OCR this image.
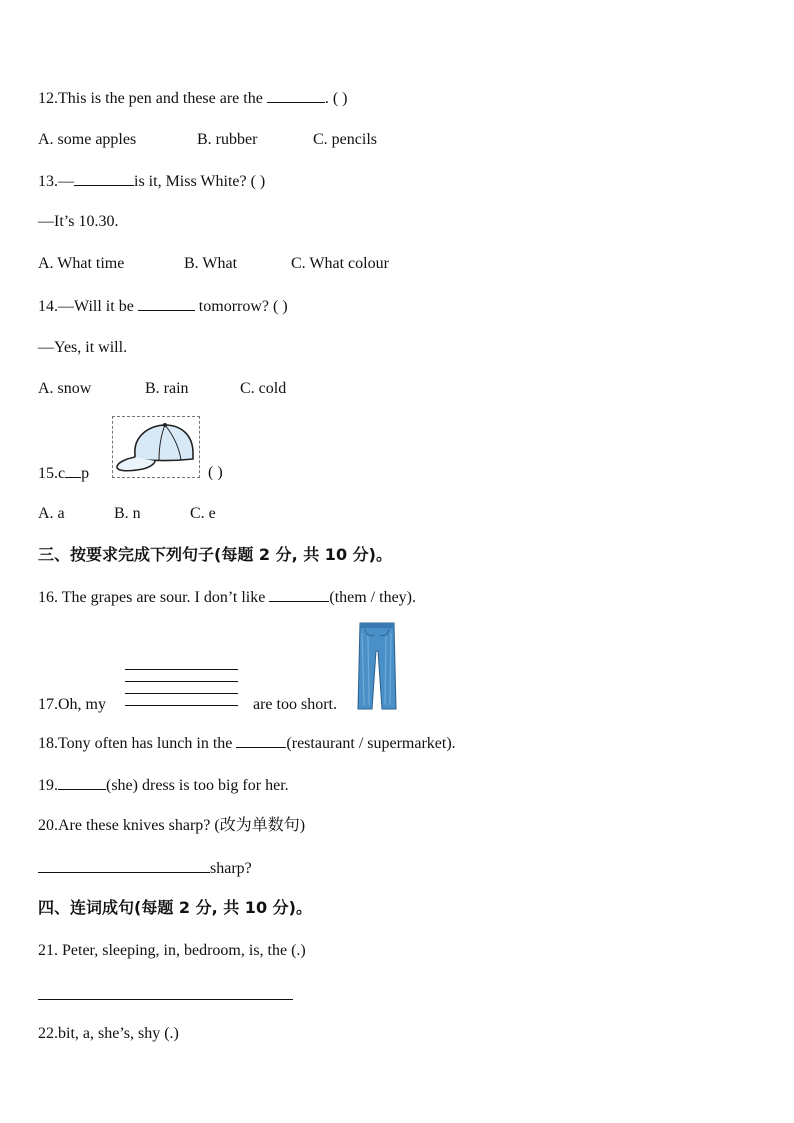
12.This is the pen and these are the	. ( )
A. some apples	B. rubber	C. pencils
13.—	is it, Miss White? ( )
—It’s 10.30.
A. What time	B. What	C. What colour
14.—Will it be	tomorrow? ( )
—Yes, it will.
A. snow	B. rain	C. cold
15.c p	( )
A. a	B. n	C. e
三、按要求完成下列句子(每题 2 分, 共 10 分)。
16. The grapes are sour. I don’t like	(them / they).
17.Oh, my	are too short.
18.Tony often has lunch in the	(restaurant / supermarket).
19.	(she) dress is too big for her.
20.Are these knives sharp? (改为单数句)
sharp?
四、连词成句(每题 2 分, 共 10 分)。
21. Peter, sleeping, in, bedroom, is, the (.)
22.bit, a, she’s, shy (.)
